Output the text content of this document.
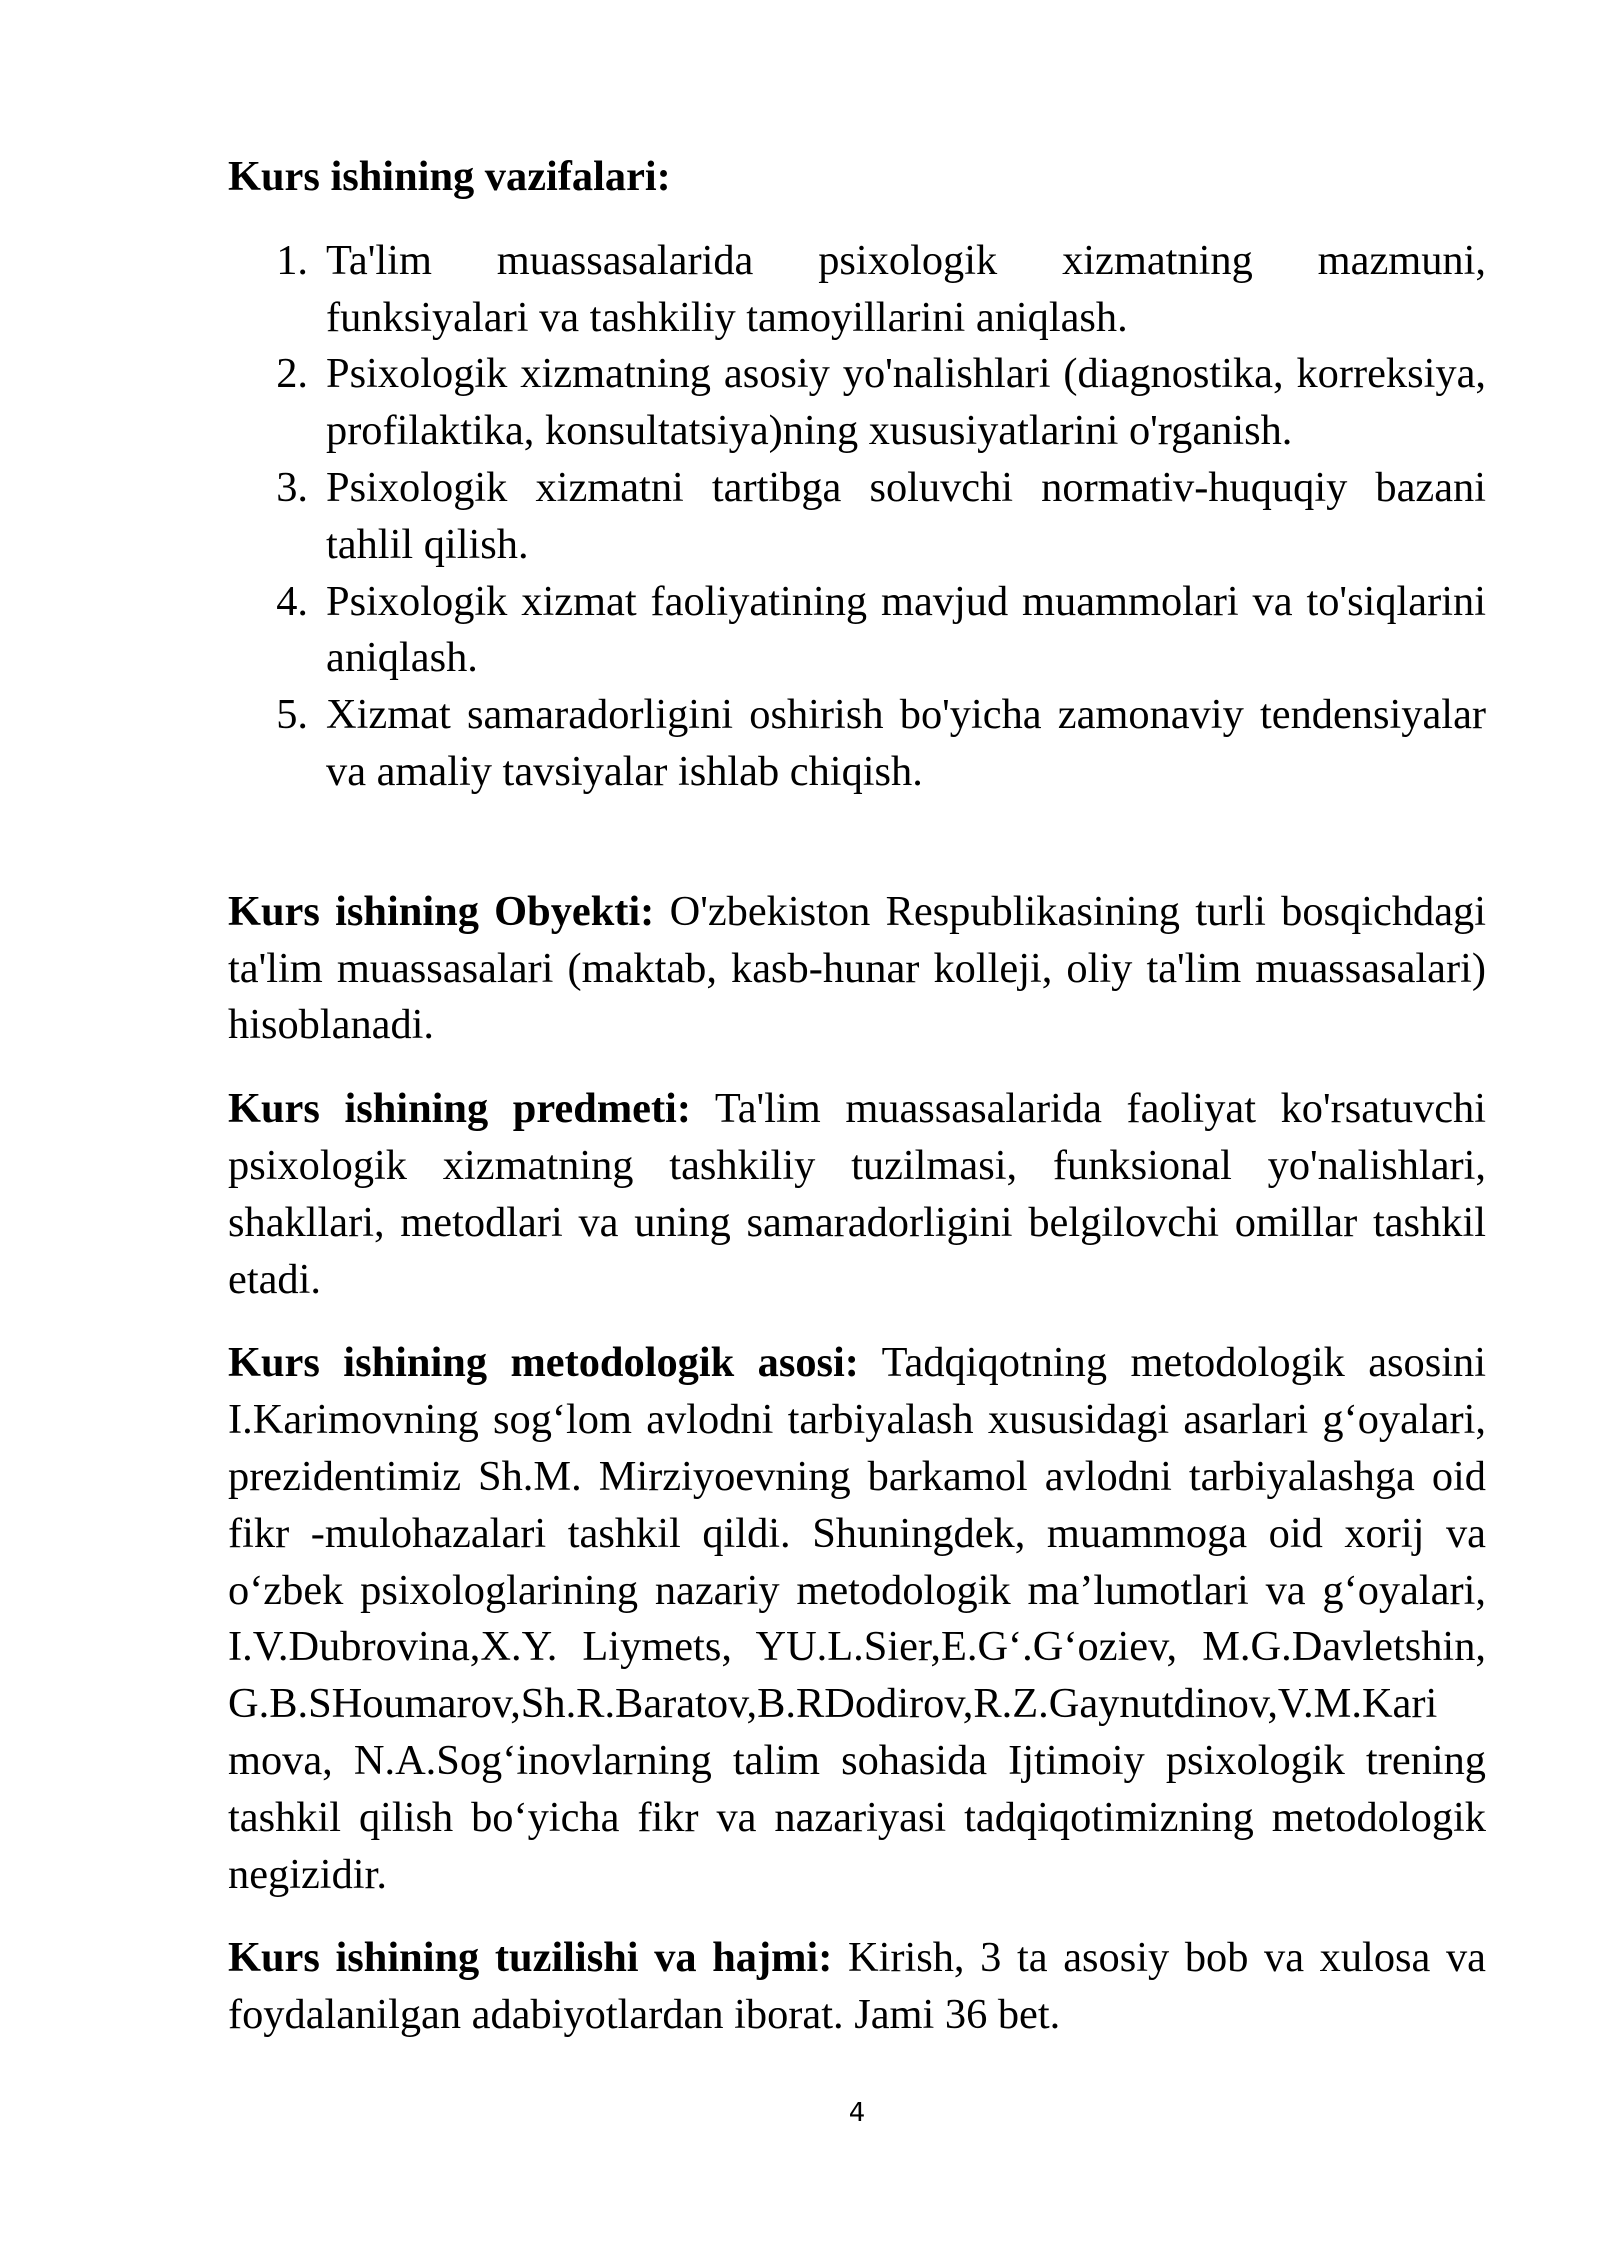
Kurs ishining vazifalari:
1. Ta'lim muassasalarida psixologik xizmatning mazmuni,
funksiyalari va tashkiliy tamoyillarini aniqlash.
2. Psixologik xizmatning asosiy yo'nalishlari (diagnostika, korreksiya,
profilaktika, konsultatsiya)ning xususiyatlarini o'rganish.
3. Psixologik xizmatni tartibga soluvchi normativ-huquqiy bazani
tahlil qilish.
4. Psixologik xizmat faoliyatining mavjud muammolari va to'siqlarini
aniqlash.
5. Xizmat samaradorligini oshirish bo'yicha zamonaviy tendensiyalar
va amaliy tavsiyalar ishlab chiqish.
Kurs ishining Obyekti: O'zbekiston Respublikasining turli bosqichdagi
ta'lim muassasalari (maktab, kasb-hunar kolleji, oliy ta'lim muassasalari)
hisoblanadi.
Kurs ishining predmeti: Ta'lim muassasalarida faoliyat ko'rsatuvchi
psixologik xizmatning tashkiliy tuzilmasi, funksional yo'nalishlari,
shakllari, metodlari va uning samaradorligini belgilovchi omillar tashkil
etadi.
Kurs ishining metodologik asosi: Tadqiqotning metodologik asosini
I.Karimovning sog‘lom avlodni tarbiyalash xususidagi asarlari g‘oyalari,
prezidentimiz Sh.M. Mirziyoevning barkamol avlodni tarbiyalashga oid
fikr -mulohazalari tashkil qildi. Shuningdek, muammoga oid xorij va
o‘zbek psixologlarining nazariy metodologik ma’lumotlari va g‘oyalari,
I.V.Dubrovina,X.Y. Liymets, YU.L.Sier,E.G‘.G‘oziev, M.G.Davletshin,
G.B.SHoumarov,Sh.R.Baratov,B.RDodirov,R.Z.Gaynutdinov,V.M.Kari
mova, N.A.Sog‘inovlarning talim sohasida Ijtimoiy psixologik trening
tashkil qilish bo‘yicha fikr va nazariyasi tadqiqotimizning metodologik
negizidir.
Kurs ishining tuzilishi va hajmi: Kirish, 3 ta asosiy bob va xulosa va
foydalanilgan adabiyotlardan iborat. Jami 36 bet.
4
